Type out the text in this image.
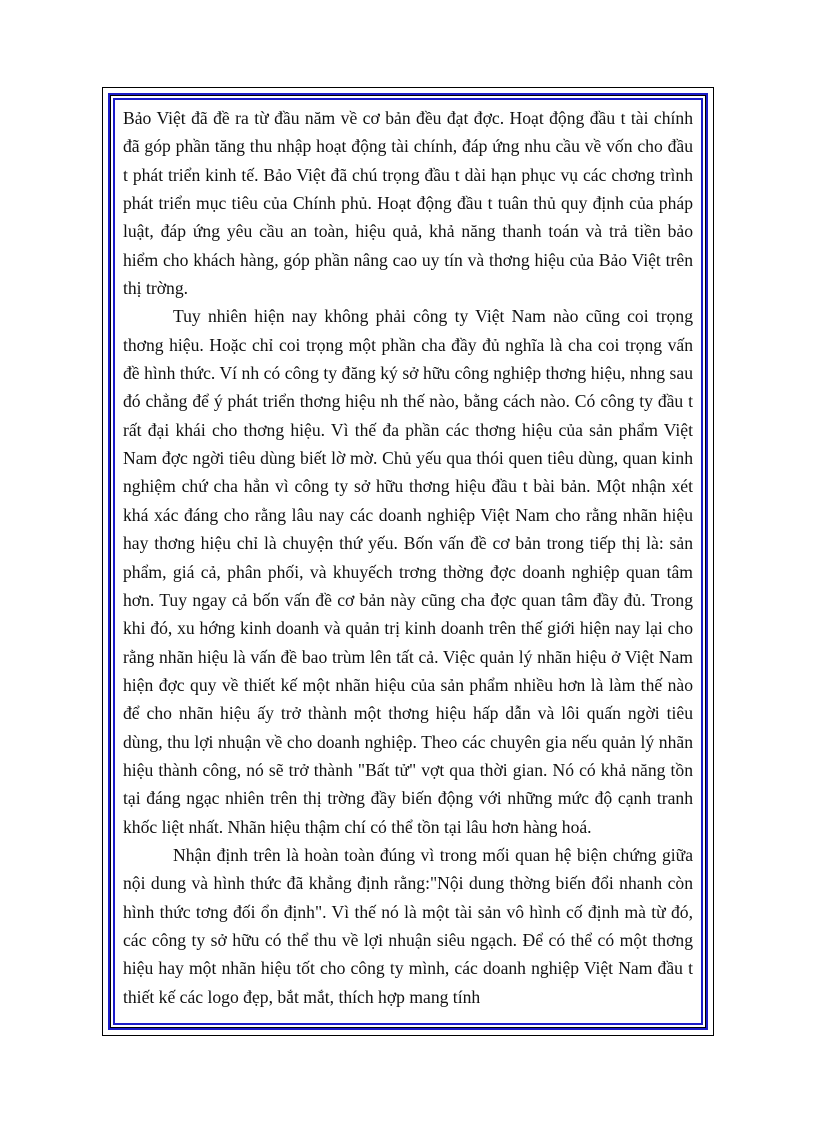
Bảo Việt đã đề ra từ đầu năm về cơ bản đều đạt đợc. Hoạt động đầu t tài chính đã góp phần tăng thu nhập hoạt động tài chính, đáp ứng nhu cầu về vốn cho đầu t phát triển kinh tế. Bảo Việt đã chú trọng đầu t dài hạn phục vụ các chơng trình phát triển mục tiêu của Chính phủ. Hoạt động đầu t tuân thủ quy định của pháp luật, đáp ứng yêu cầu an toàn, hiệu quả, khả năng thanh toán và trả tiền bảo hiểm cho khách hàng, góp phần nâng cao uy tín và thơng hiệu của Bảo Việt trên thị trờng.

Tuy nhiên hiện nay không phải công ty Việt Nam nào cũng coi trọng thơng hiệu. Hoặc chỉ coi trọng một phần cha đầy đủ nghĩa là cha coi trọng vấn đề hình thức. Ví nh có công ty đăng ký sở hữu công nghiệp thơng hiệu, nhng sau đó chẳng để ý phát triển thơng hiệu nh thế nào, bằng cách nào. Có công ty đầu t rất đại khái cho thơng hiệu. Vì thế đa phần các thơng hiệu của sản phẩm Việt Nam đợc ngời tiêu dùng biết lờ mờ. Chủ yếu qua thói quen tiêu dùng, quan kinh nghiệm chứ cha hẳn vì công ty sở hữu thơng hiệu đầu t bài bản. Một nhận xét khá xác đáng cho rằng lâu nay các doanh nghiệp Việt Nam cho rằng nhãn hiệu hay thơng hiệu chỉ là chuyện thứ yếu. Bốn vấn đề cơ bản trong tiếp thị là: sản phẩm, giá cả, phân phối, và khuyếch trơng thờng đợc doanh nghiệp quan tâm hơn. Tuy ngay cả bốn vấn đề cơ bản này cũng cha đợc quan tâm đầy đủ. Trong khi đó, xu hớng kinh doanh và quản trị kinh doanh trên thế giới hiện nay lại cho rằng nhãn hiệu là vấn đề bao trùm lên tất cả. Việc quản lý nhãn hiệu ở Việt Nam hiện đợc quy về thiết kế một nhãn hiệu của sản phẩm nhiều hơn là làm thế nào để cho nhãn hiệu ấy trở thành một thơng hiệu hấp dẫn và lôi quấn ngời tiêu dùng, thu lợi nhuận về cho doanh nghiệp. Theo các chuyên gia nếu quản lý nhãn hiệu thành công, nó sẽ trở thành "Bất tử" vợt qua thời gian. Nó có khả năng tồn tại đáng ngạc nhiên trên thị trờng đầy biến động với những mức độ cạnh tranh khốc liệt nhất. Nhãn hiệu thậm chí có thể tồn tại lâu hơn hàng hoá.

Nhận định trên là hoàn toàn đúng vì trong mối quan hệ biện chứng giữa nội dung và hình thức đã khẳng định rằng:"Nội dung thờng biến đổi nhanh còn hình thức tơng đối ổn định". Vì thế nó là một tài sản vô hình cố định mà từ đó, các công ty sở hữu có thể thu về lợi nhuận siêu ngạch. Để có thể có một thơng hiệu hay một nhãn hiệu tốt cho công ty mình, các doanh nghiệp Việt Nam đầu t thiết kế các logo đẹp, bắt mắt, thích hợp mang tính
